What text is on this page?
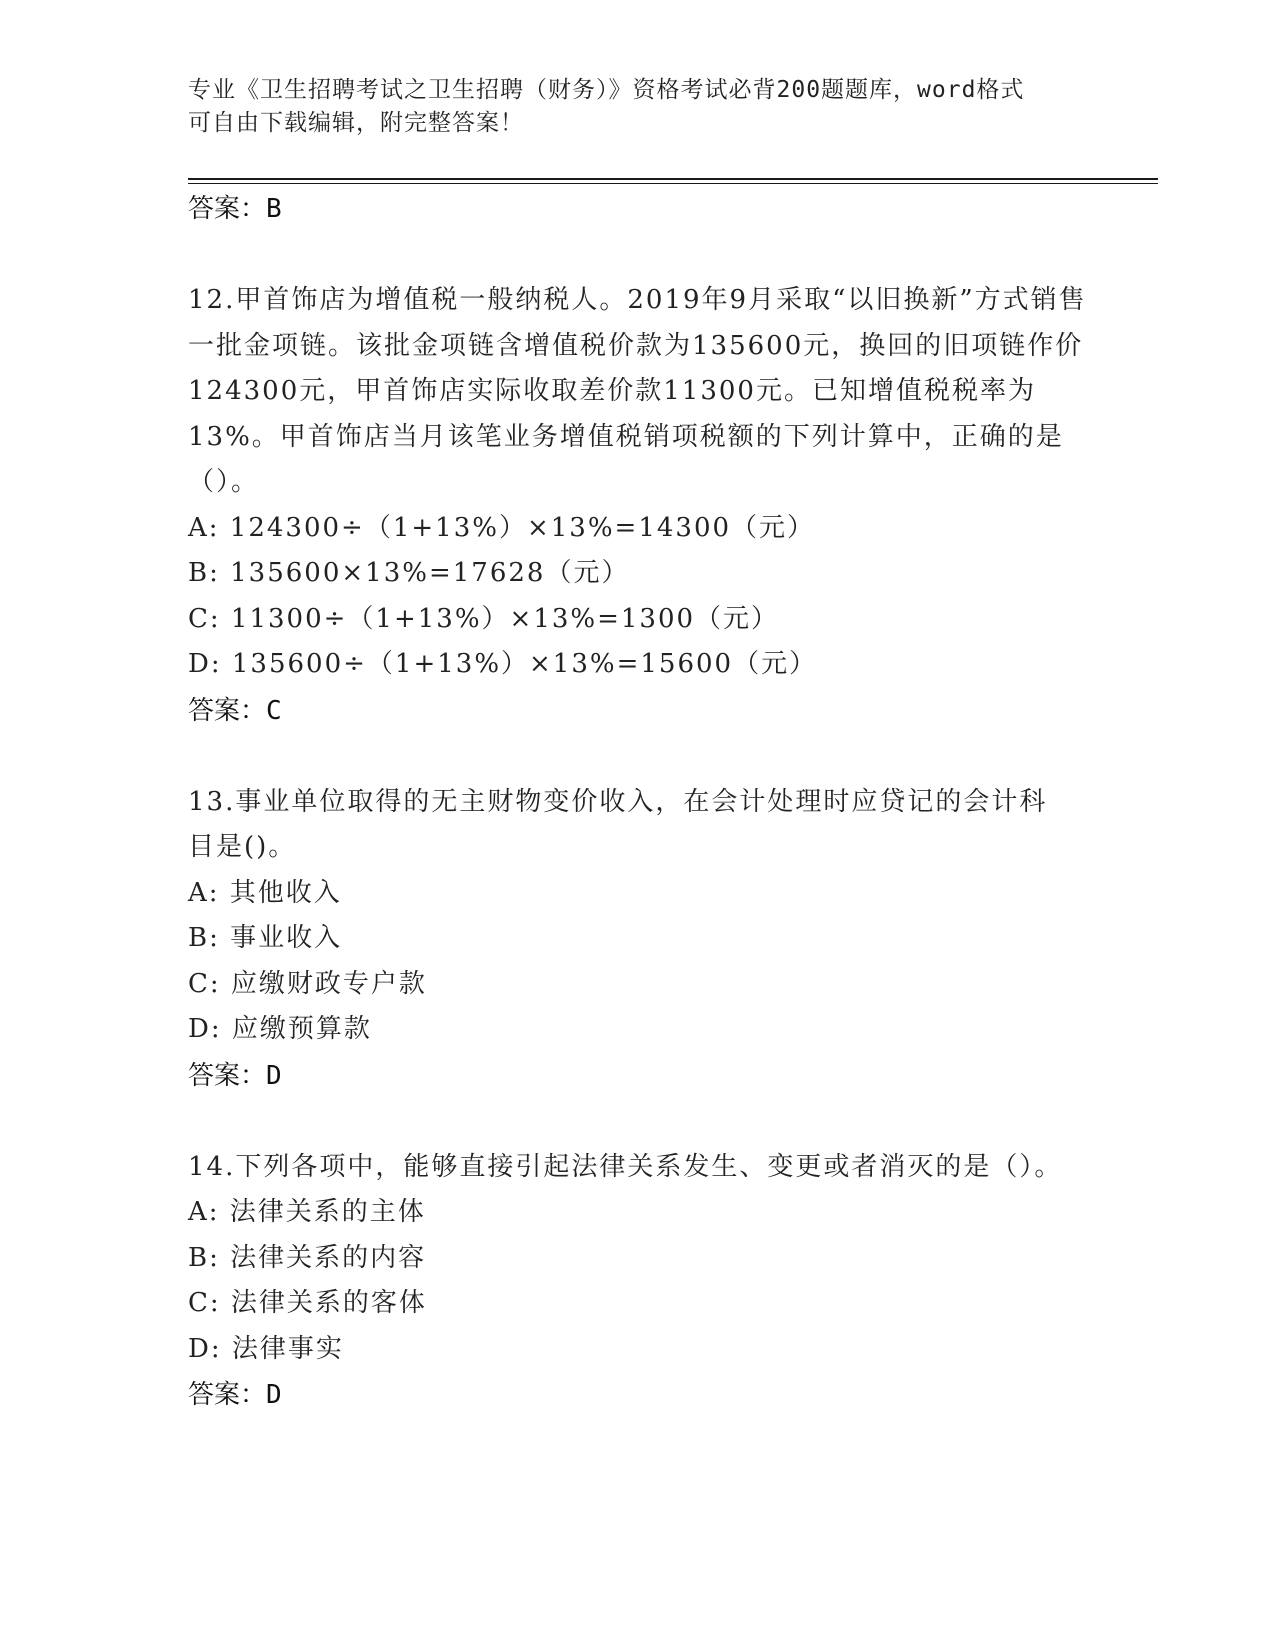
专业《卫生招聘考试之卫生招聘（财务）》资格考试必背200题题库，word格式
可自由下载编辑，附完整答案！
答案：B

12.甲首饰店为增值税一般纳税人。2019年9月采取“以旧换新”方式销售一批金项链。该批金项链含增值税价款为135600元，换回的旧项链作价124300元，甲首饰店实际收取差价款11300元。已知增值税税率为13%。甲首饰店当月该笔业务增值税销项税额的下列计算中，正确的是（）。

A: 124300÷（1+13%）×13%=14300（元）
B: 135600×13%=17628（元）
C: 11300÷（1+13%）×13%=1300（元）
D: 135600÷（1+13%）×13%=15600（元）
答案：C

13.事业单位取得的无主财物变价收入，在会计处理时应贷记的会计科目是()。

A: 其他收入
B: 事业收入
C: 应缴财政专户款
D: 应缴预算款
答案：D

14.下列各项中，能够直接引起法律关系发生、变更或者消灭的是（）。

A: 法律关系的主体
B: 法律关系的内容
C: 法律关系的客体
D: 法律事实
答案：D
